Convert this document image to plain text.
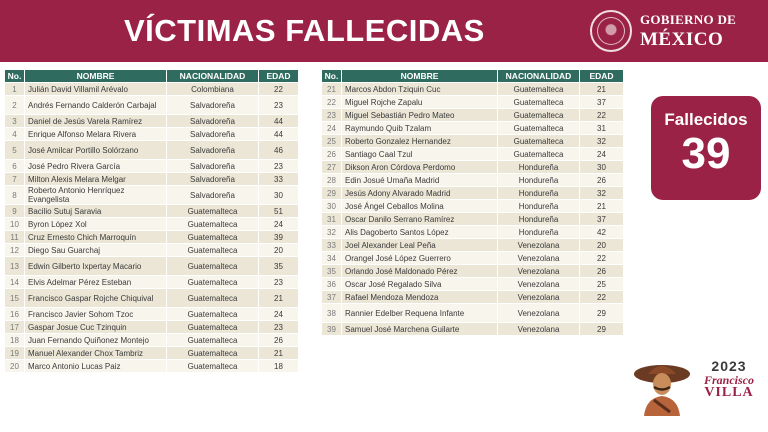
VÍCTIMAS FALLECIDAS	GOBIERNO DE
MÉXICO
No.	NOMBRE	NACIONALIDAD	EDAD
1	Julián David Villamil Arévalo	Colombiana	22
2	Andrés Fernando Calderón Carbajal	Salvadoreña	23
3	Daniel de Jesús Varela Ramírez	Salvadoreña	44
4	Enrique Alfonso Melara Rivera	Salvadoreña	44
5	José Amilcar Portillo Solórzano	Salvadoreña	46
6	José Pedro Rivera García	Salvadoreña	23
7	Milton Alexis Melara Melgar	Salvadoreña	33
8	Roberto Antonio Henríquez Evangelista	Salvadoreña	30
9	Bacilio Sutuj Saravia	Guatemalteca	51
10	Byron López Xol	Guatemalteca	24
11	Cruz Ernesto Chich Marroquín	Guatemalteca	39
12	Diego Sau Guarchaj	Guatemalteca	20
13	Edwin Gilberto Ixpertay Macario	Guatemalteca	35
14	Elvis Adelmar Pérez Esteban	Guatemalteca	23
15	Francisco Gaspar Rojche Chiquival	Guatemalteca	21
16	Francisco Javier Sohom Tzoc	Guatemalteca	24
17	Gaspar Josue Cuc Tzinquin	Guatemalteca	23
18	Juan Fernando Quiñonez Montejo	Guatemalteca	26
19	Manuel Alexander Chox Tambriz	Guatemalteca	21
20	Marco Antonio Lucas Paiz	Guatemalteca	18
No.	NOMBRE	NACIONALIDAD	EDAD
21	Marcos Abdon Tziquin Cuc	Guatemalteca	21
22	Miguel Rojche Zapalu	Guatemalteca	37
23	Miguel Sebastián Pedro Mateo	Guatemalteca	22
24	Raymundo Quib Tzalam	Guatemalteca	31
25	Roberto Gonzalez Hernandez	Guatemalteca	32
26	Santiago Caal Tzul	Guatemalteca	24
27	Dikson Aron Córdova Perdomo	Hondureña	30
28	Edin Josué Umaña Madrid	Hondureña	26
29	Jesús Adony Alvarado Madrid	Hondureña	32
30	José Ángel Ceballos Molina	Hondureña	21
31	Oscar Danilo Serrano Ramírez	Hondureña	37
32	Alis Dagoberto Santos López	Hondureña	42
33	Joel Alexander Leal Peña	Venezolana	20
34	Orangel José López Guerrero	Venezolana	22
35	Orlando José Maldonado Pérez	Venezolana	26
36	Oscar José Regalado Silva	Venezolana	25
37	Rafael Mendoza Mendoza	Venezolana	22
38	Rannier Edelber Requena Infante	Venezolana	29
39	Samuel José Marchena Guilarte	Venezolana	29
Fallecidos
39
2023
Francisco
VILLA
